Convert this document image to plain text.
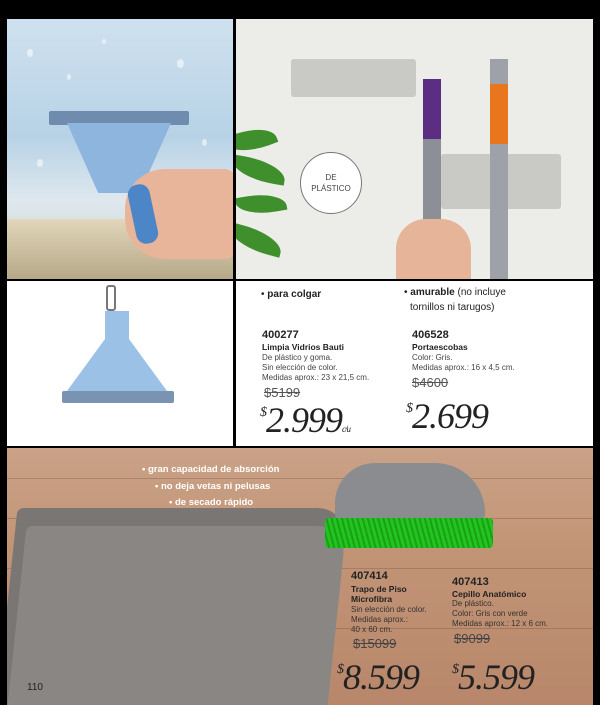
DE
PLÁSTICO
• para colgar	• amurable (no incluye
tornillos ni tarugos)
400277
Limpia Vidrios Bauti
De plástico y goma.
Sin elección de color.
Medidas aprox.: 23 x 21,5 cm.
$5199
$2.999c/u
406528
Portaescobas
Color: Gris.
Medidas aprox.: 16 x 4,5 cm.
$4600
$2.699
• gran capacidad de absorción
• no deja vetas ni pelusas
• de secado rápido
407414
Trapo de Piso
Microfibra
Sin elección de color.
Medidas aprox.:
40 x 60 cm.
$15099
$8.599
407413
Cepillo Anatómico
De plástico.
Color: Gris con verde
Medidas aprox.: 12 x 6 cm.
$9099
$5.599
110
